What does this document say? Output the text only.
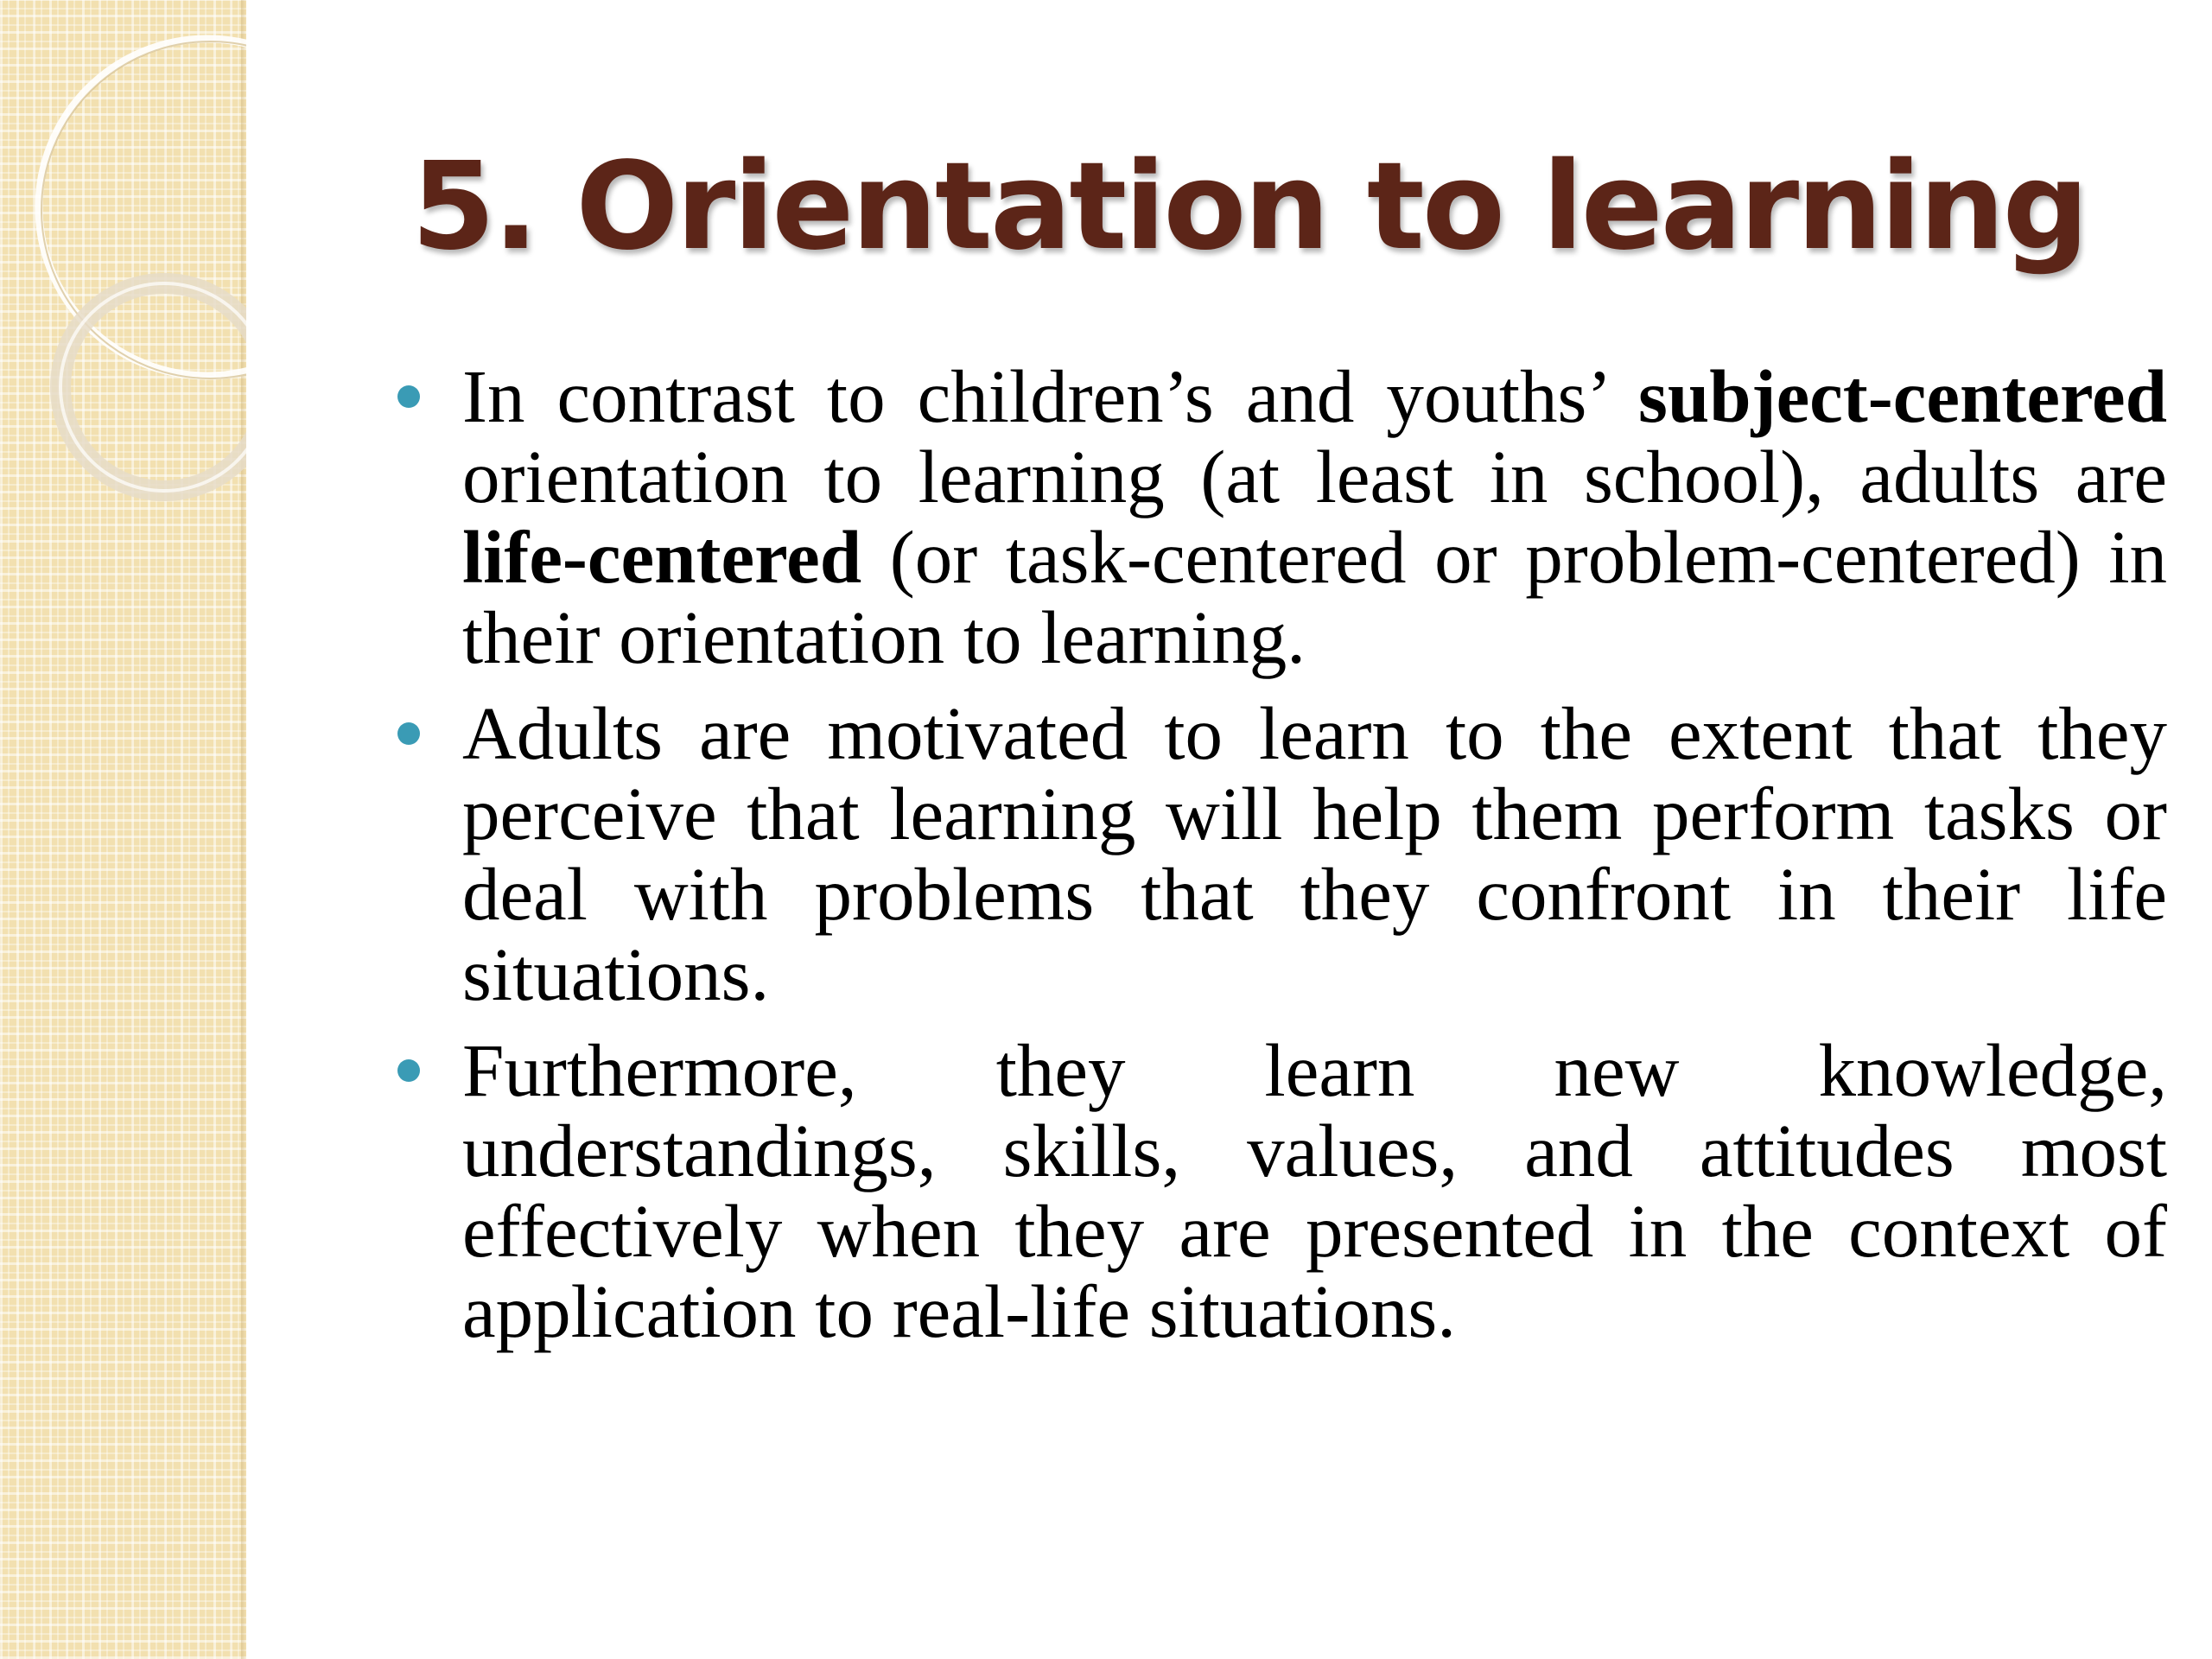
5. Orientation to learning
In contrast to children’s and youths’ subject-centered orientation to learning (at least in school), adults are life-centered (or task-centered or problem-centered) in their orientation to learning.
Adults are motivated to learn to the extent that they perceive that learning will help them perform tasks or deal with problems that they confront in their life situations.
Furthermore, they learn new knowledge, understandings, skills, values, and attitudes most effectively when they are presented in the context of application to real-life situations.
